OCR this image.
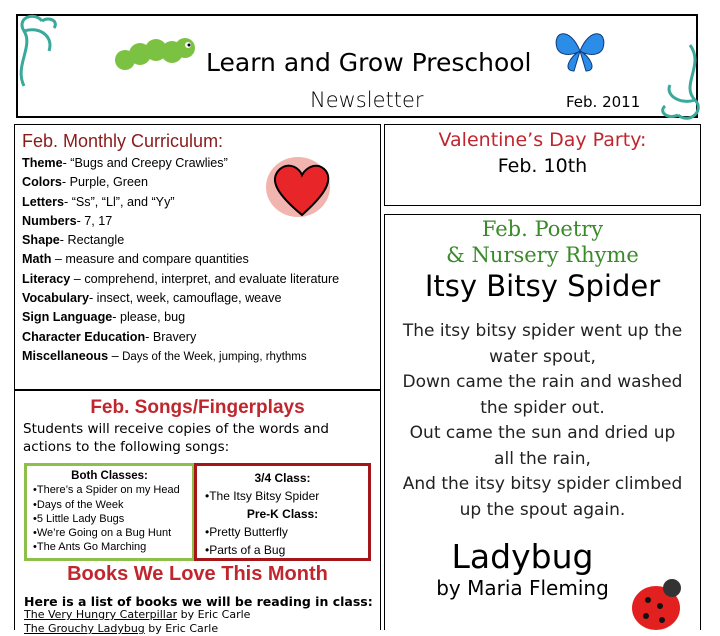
Learn and Grow Preschool
Newsletter	Feb. 2011
Feb. Monthly Curriculum:
Theme- “Bugs and Creepy Crawlies”
Colors- Purple, Green
Letters- “Ss”, “Ll”, and “Yy”
Numbers- 7, 17
Shape- Rectangle
Math – measure and compare quantities
Literacy – comprehend, interpret, and evaluate literature
Vocabulary- insect, week, camouflage, weave
Sign Language- please, bug
Character Education- Bravery
Miscellaneous – Days of the Week, jumping, rhythms
Feb. Songs/Fingerplays
Students will receive copies of the words and actions to the following songs:
Both Classes:
•There’s a Spider on my Head
•Days of the Week
•5 Little Lady Bugs
•We’re Going on a Bug Hunt
•The Ants Go Marching
3/4 Class:
•The Itsy Bitsy Spider
Pre-K Class:
•Pretty Butterfly
•Parts of a Bug
Books We Love This Month
Here is a list of books we will be reading in class:
The Very Hungry Caterpillar by Eric Carle
The Grouchy Ladybug by Eric Carle
Valentine’s Day Party:
Feb. 10th
Feb. Poetry
& Nursery Rhyme
Itsy Bitsy Spider
The itsy bitsy spider went up the
water spout,
Down came the rain and washed
the spider out.
Out came the sun and dried up
all the rain,
And the itsy bitsy spider climbed
up the spout again.
Ladybug
by Maria Fleming
